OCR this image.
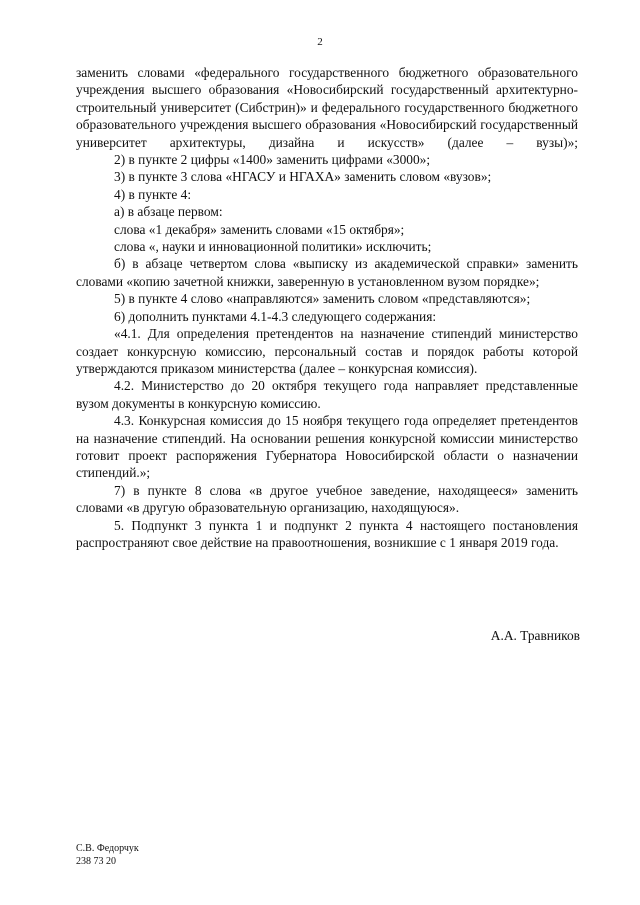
2

заменить словами «федерального государственного бюджетного образовательного учреждения высшего образования «Новосибирский государственный архитектурно-строительный университет (Сибстрин)» и федерального государственного бюджетного образовательного учреждения высшего образования «Новосибирский государственный университет архитектуры, дизайна и искусств» (далее – вузы)»;

2) в пункте 2 цифры «1400» заменить цифрами «3000»;

3) в пункте 3 слова «НГАСУ и НГАХА» заменить словом «вузов»;

4) в пункте 4:

а) в абзаце первом:

слова «1 декабря» заменить словами «15 октября»;

слова «, науки и инновационной политики» исключить;

б) в абзаце четвертом слова «выписку из академической справки» заменить словами «копию зачетной книжки, заверенную в установленном вузом порядке»;

5) в пункте 4 слово «направляются» заменить словом «представляются»;

6) дополнить пунктами 4.1-4.3 следующего содержания:

«4.1. Для определения претендентов на назначение стипендий министерство создает конкурсную комиссию, персональный состав и порядок работы которой утверждаются приказом министерства (далее – конкурсная комиссия).

4.2. Министерство до 20 октября текущего года направляет представленные вузом документы в конкурсную комиссию.

4.3. Конкурсная комиссия до 15 ноября текущего года определяет претендентов на назначение стипендий. На основании решения конкурсной комиссии министерство готовит проект распоряжения Губернатора Новосибирской области о назначении стипендий.»;

7) в пункте 8 слова «в другое учебное заведение, находящееся» заменить словами «в другую образовательную организацию, находящуюся».

5. Подпункт 3 пункта 1 и подпункт 2 пункта 4 настоящего постановления распространяют свое действие на правоотношения, возникшие с 1 января 2019 года.

А.А. Травников
С.В. Федорчук
238 73 20
